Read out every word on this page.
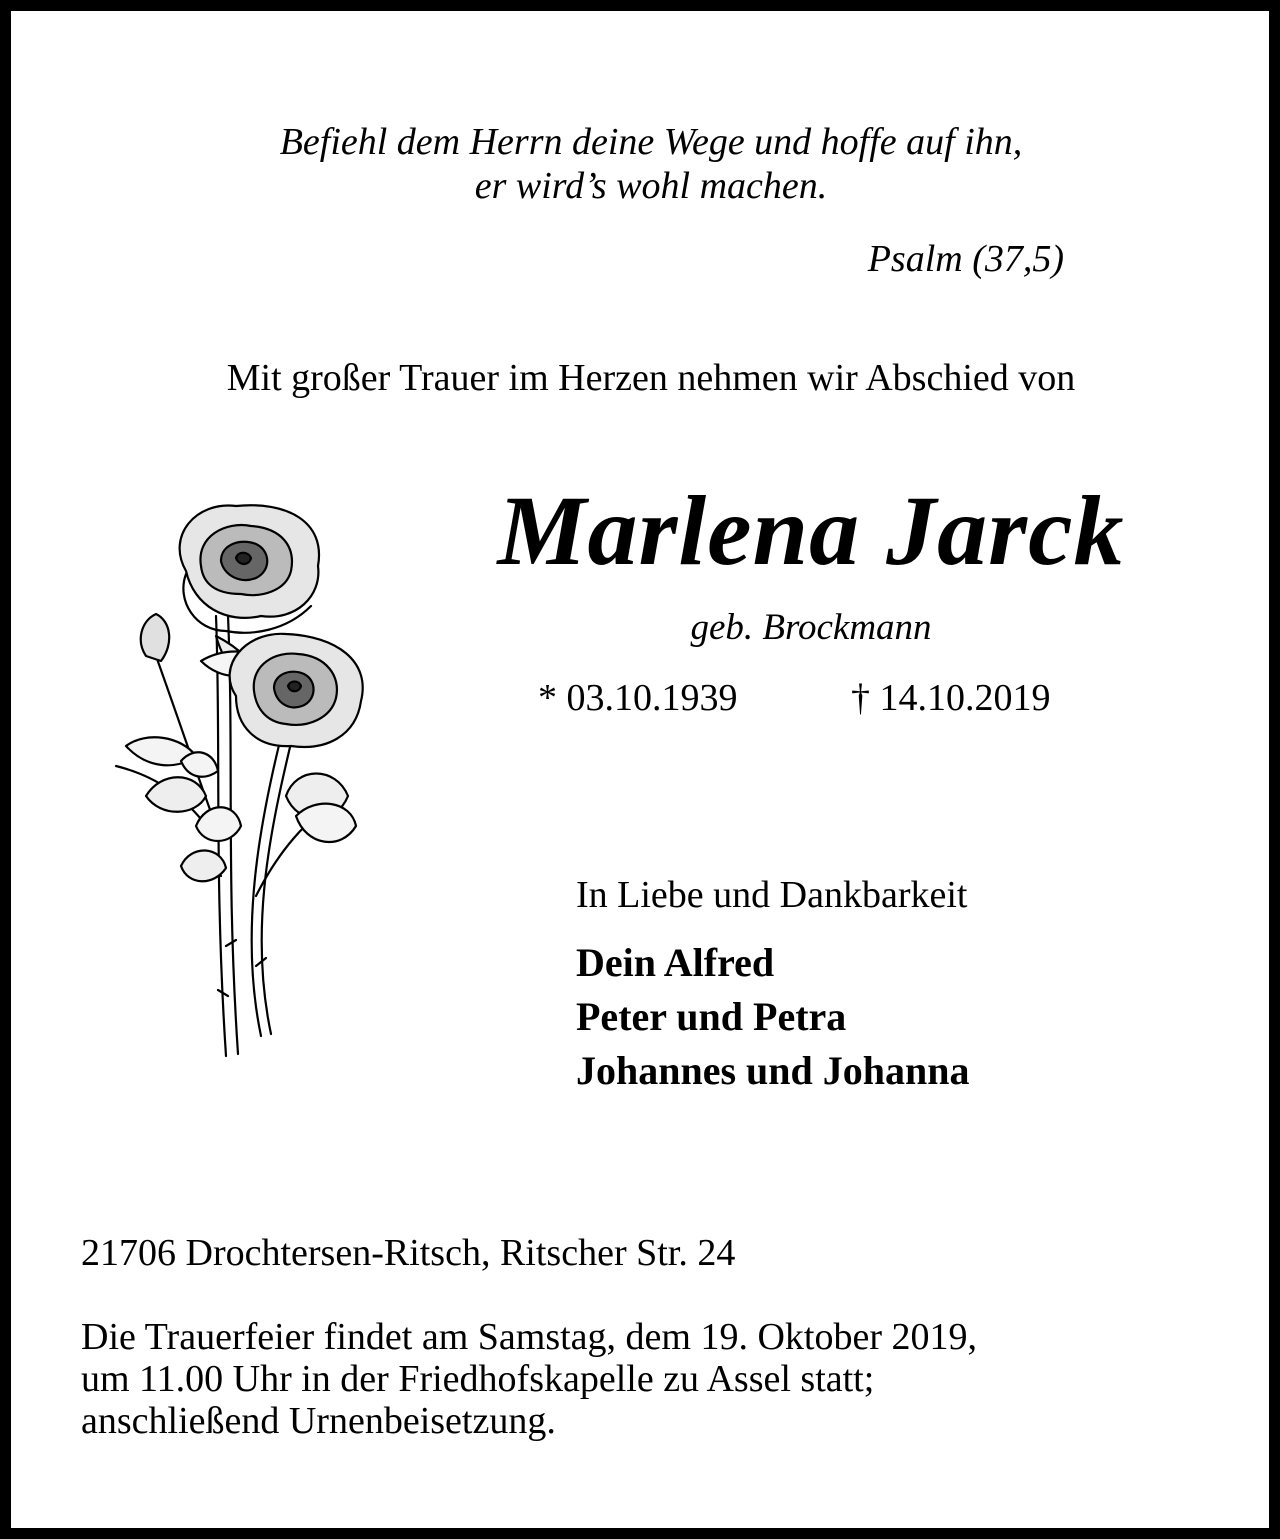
Befiehl dem Herrn deine Wege und hoffe auf ihn,
er wird’s wohl machen.
Psalm (37,5)
Mit großer Trauer im Herzen nehmen wir Abschied von
Marlena Jarck
geb. Brockmann
* 03.10.1939	† 14.10.2019
In Liebe und Dankbarkeit
Dein Alfred
Peter und Petra
Johannes und Johanna
21706 Drochtersen-Ritsch, Ritscher Str. 24
Die Trauerfeier findet am Samstag, dem 19. Oktober 2019,
um 11.00 Uhr in der Friedhofskapelle zu Assel statt;
anschließend Urnenbeisetzung.
